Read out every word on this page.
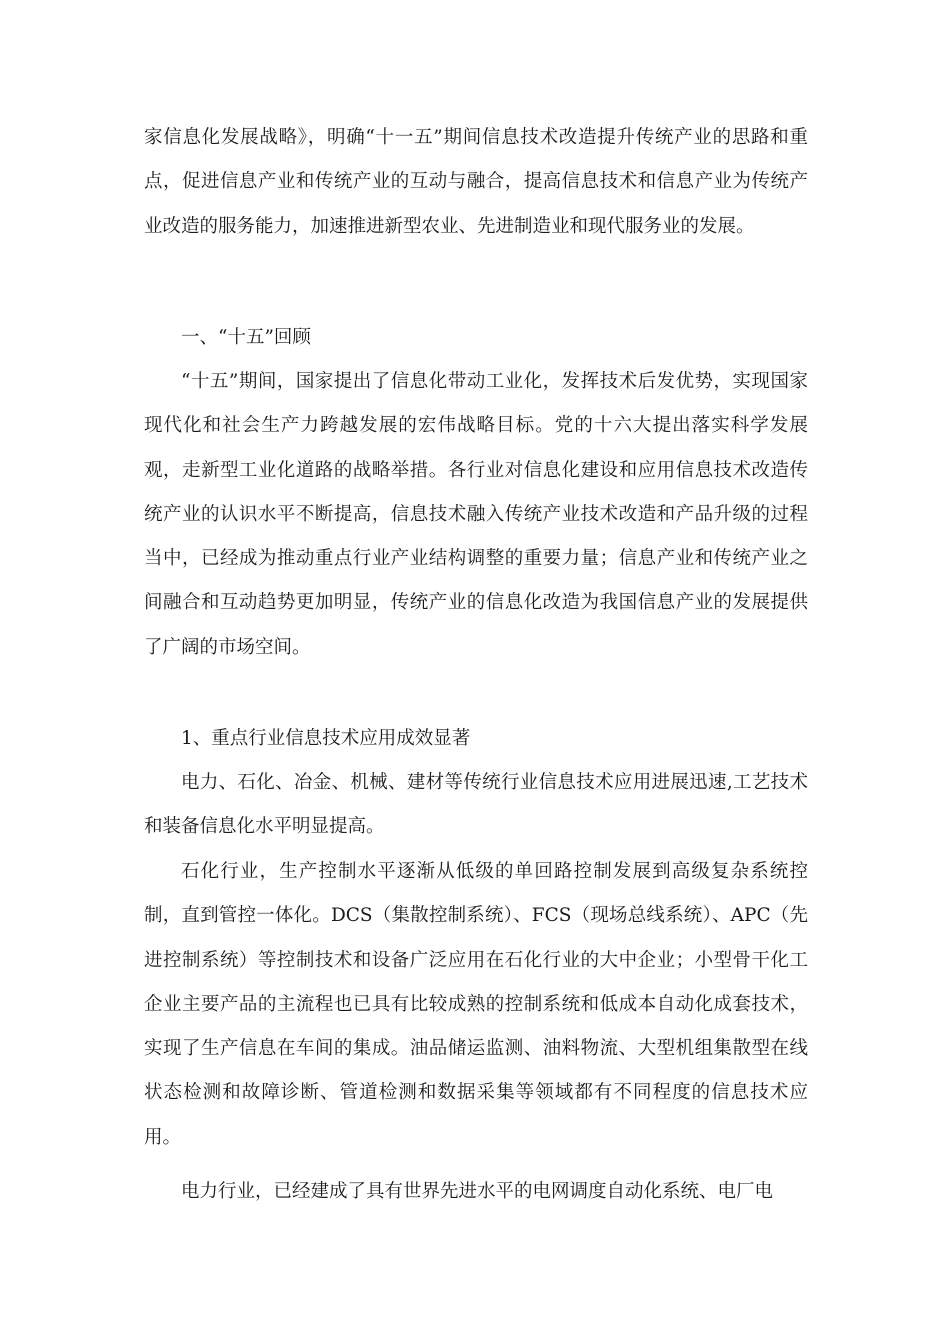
家信息化发展战略》，明确“十一五”期间信息技术改造提升传统产业的思路和重点，促进信息产业和传统产业的互动与融合，提高信息技术和信息产业为传统产业改造的服务能力，加速推进新型农业、先进制造业和现代服务业的发展。

一、“十五”回顾

“十五”期间，国家提出了信息化带动工业化，发挥技术后发优势，实现国家现代化和社会生产力跨越发展的宏伟战略目标。党的十六大提出落实科学发展观，走新型工业化道路的战略举措。各行业对信息化建设和应用信息技术改造传统产业的认识水平不断提高，信息技术融入传统产业技术改造和产品升级的过程当中，已经成为推动重点行业产业结构调整的重要力量；信息产业和传统产业之间融合和互动趋势更加明显，传统产业的信息化改造为我国信息产业的发展提供了广阔的市场空间。

1、重点行业信息技术应用成效显著

电力、石化、冶金、机械、建材等传统行业信息技术应用进展迅速,工艺技术和装备信息化水平明显提高。

石化行业，生产控制水平逐渐从低级的单回路控制发展到高级复杂系统控制，直到管控一体化。DCS（集散控制系统）、FCS（现场总线系统）、APC（先进控制系统）等控制技术和设备广泛应用在石化行业的大中企业；小型骨干化工企业主要产品的主流程也已具有比较成熟的控制系统和低成本自动化成套技术，实现了生产信息在车间的集成。油品储运监测、油料物流、大型机组集散型在线状态检测和故障诊断、管道检测和数据采集等领域都有不同程度的信息技术应用。

电力行业，已经建成了具有世界先进水平的电网调度自动化系统、电厂电
